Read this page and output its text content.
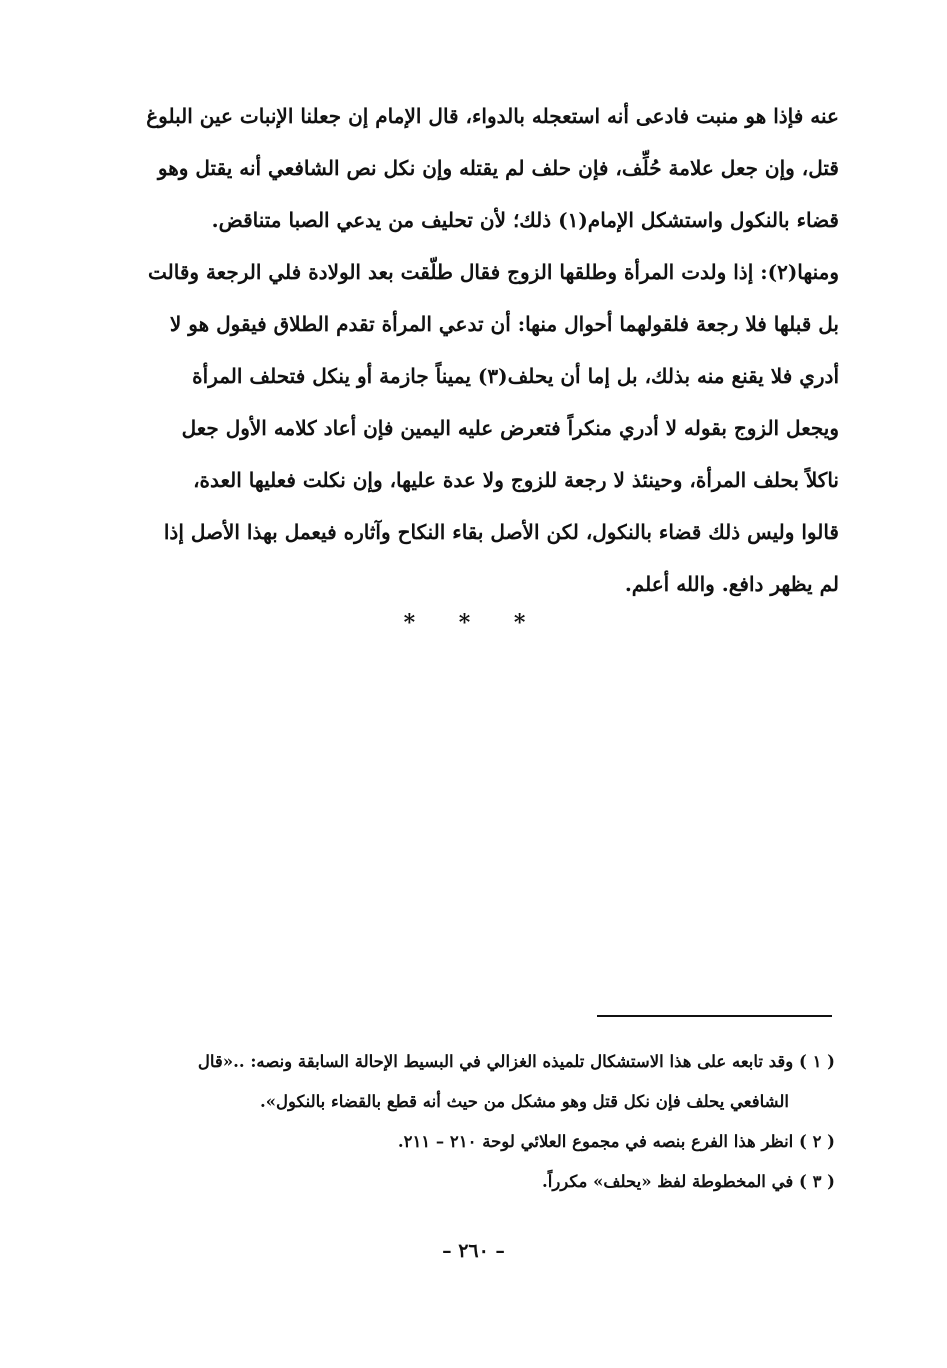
عنه فإذا هو منبت فادعى أنه استعجله بالدواء، قال الإمام إن جعلنا الإنبات عين البلوغ
قتل، وإن جعل علامة حُلِّف، فإن حلف لم يقتله وإن نكل نص الشافعي أنه يقتل وهو
قضاء بالنكول واستشكل الإمام(١) ذلك؛ لأن تحليف من يدعي الصبا متناقض.
ومنها(٢): إذا ولدت المرأة وطلقها الزوج فقال طلّقت بعد الولادة فلي الرجعة وقالت
بل قبلها فلا رجعة فلقولهما أحوال منها: أن تدعي المرأة تقدم الطلاق فيقول هو لا
أدري فلا يقنع منه بذلك، بل إما أن يحلف(٣) يميناً جازمة أو ينكل فتحلف المرأة
ويجعل الزوج بقوله لا أدري منكراً فتعرض عليه اليمين فإن أعاد كلامه الأول جعل
ناكلاً بحلف المرأة، وحينئذ لا رجعة للزوج ولا عدة عليها، وإن نكلت فعليها العدة،
قالوا وليس ذلك قضاء بالنكول، لكن الأصل بقاء النكاح وآثاره فيعمل بهذا الأصل إذا
لم يظهر دافع. والله أعلم.
* * *
( ١ ) وقد تابعه على هذا الاستشكال تلميذه الغزالي في البسيط الإحالة السابقة ونصه: ..«قال
الشافعي يحلف فإن نكل قتل وهو مشكل من حيث أنه قطع بالقضاء بالنكول».
( ٢ ) انظر هذا الفرع بنصه في مجموع العلائي لوحة ٢١٠ – ٢١١.
( ٣ ) في المخطوطة لفظ «يحلف» مكرراً.
– ٢٦٠ –
